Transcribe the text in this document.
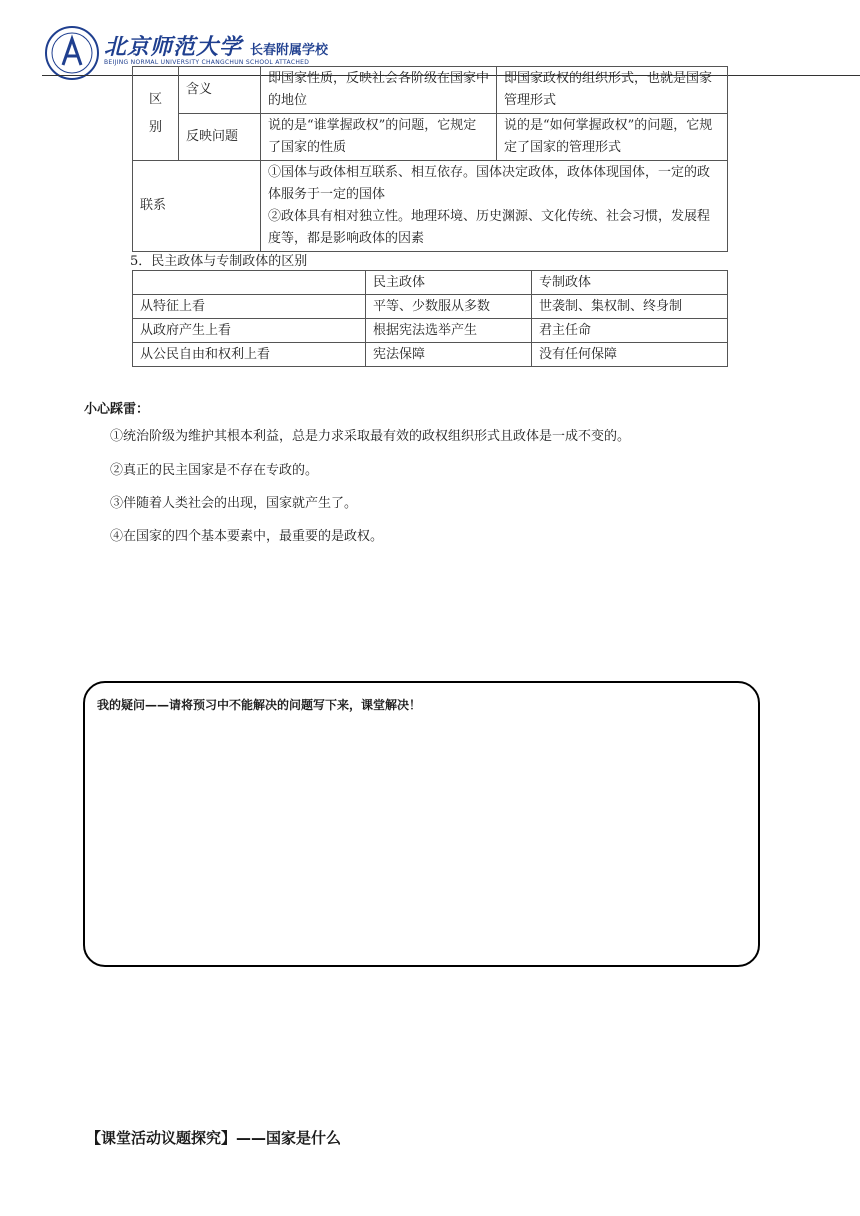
北京师范大学 长春附属学校
BEIJING NORMAL UNIVERSITY CHANGCHUN SCHOOL ATTACHED
区别	含义	即国家性质，反映社会各阶级在国家中的地位	即国家政权的组织形式，也就是国家管理形式
	反映问题	说的是“谁掌握政权”的问题，它规定了国家的性质	说的是“如何掌握政权”的问题，它规定了国家的管理形式
联系		①国体与政体相互联系、相互依存。国体决定政体，政体体现国体，一定的政体服务于一定的国体
②政体具有相对独立性。地理环境、历史渊源、文化传统、社会习惯，发展程度等，都是影响政体的因素	
5．民主政体与专制政体的区别
	民主政体	专制政体
从特征上看	平等、少数服从多数	世袭制、集权制、终身制
从政府产生上看	根据宪法选举产生	君主任命
从公民自由和权利上看	宪法保障	没有任何保障
小心踩雷：
①统治阶级为维护其根本利益，总是力求采取最有效的政权组织形式且政体是一成不变的。
②真正的民主国家是不存在专政的。
③伴随着人类社会的出现，国家就产生了。
④在国家的四个基本要素中，最重要的是政权。
我的疑问——请将预习中不能解决的问题写下来，课堂解决！
【课堂活动议题探究】——国家是什么
